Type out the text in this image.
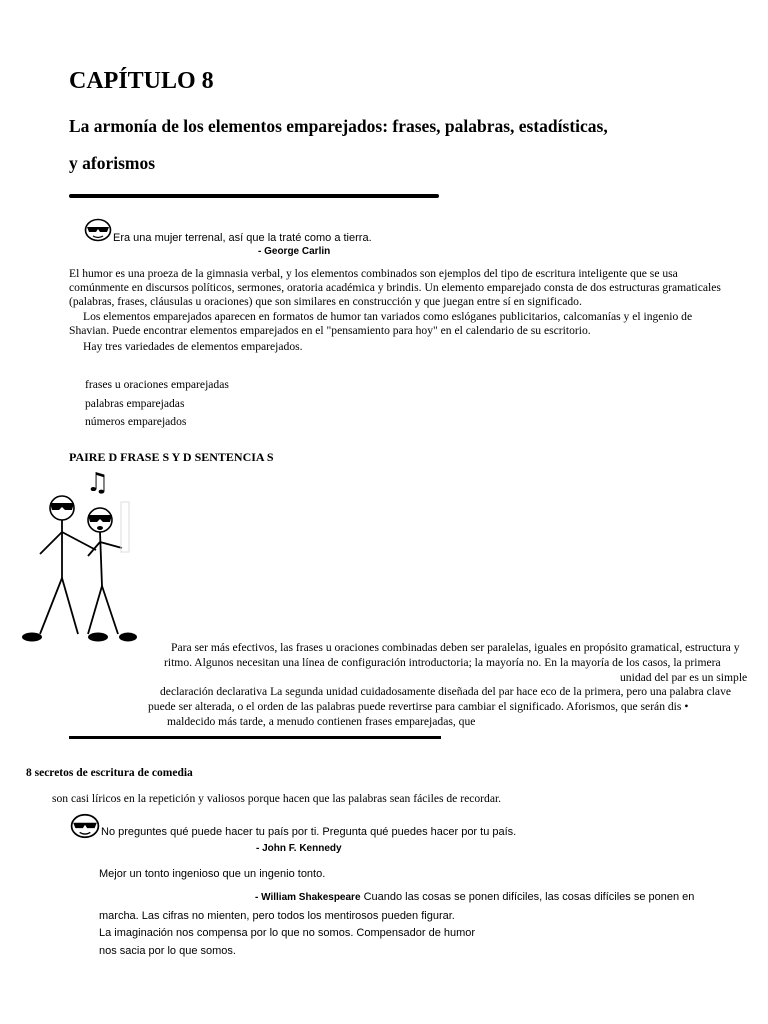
CAPÍTULO 8
La armonía de los elementos emparejados: frases, palabras, estadísticas,
y aforismos
Era una mujer terrenal, así que la traté como a tierra.
- George Carlin
El humor es una proeza de la gimnasia verbal, y los elementos combinados son ejemplos del tipo de escritura inteligente que se usa
comúnmente en discursos políticos, sermones, oratoria académica y brindis. Un elemento emparejado consta de dos estructuras gramaticales
(palabras, frases, cláusulas u oraciones) que son similares en construcción y que juegan entre sí en significado.
Los elementos emparejados aparecen en formatos de humor tan variados como eslóganes publicitarios, calcomanías y el ingenio de
Shavian. Puede encontrar elementos emparejados en el "pensamiento para hoy" en el calendario de su escritorio.
Hay tres variedades de elementos emparejados.
frases u oraciones emparejadas
palabras emparejadas
números emparejados
PAIRE D FRASE S Y D SENTENCIA S
♫
Para ser más efectivos, las frases u oraciones combinadas deben ser paralelas, iguales en propósito gramatical, estructura y
ritmo. Algunos necesitan una línea de configuración introductoria; la mayoría no. En la mayoría de los casos, la primera
unidad del par es un simple
declaración declarativa La segunda unidad cuidadosamente diseñada del par hace eco de la primera, pero una palabra clave
puede ser alterada, o el orden de las palabras puede revertirse para cambiar el significado. Aforismos, que serán dis •
maldecido más tarde, a menudo contienen frases emparejadas, que
8 secretos de escritura de comedia
son casi líricos en la repetición y valiosos porque hacen que las palabras sean fáciles de recordar.
No preguntes qué puede hacer tu país por ti. Pregunta qué puedes hacer por tu país.
- John F. Kennedy
Mejor un tonto ingenioso que un ingenio tonto.
- William Shakespeare Cuando las cosas se ponen difíciles, las cosas difíciles se ponen en
marcha. Las cifras no mienten, pero todos los mentirosos pueden figurar.
La imaginación nos compensa por lo que no somos. Compensador de humor
nos sacia por lo que somos.
